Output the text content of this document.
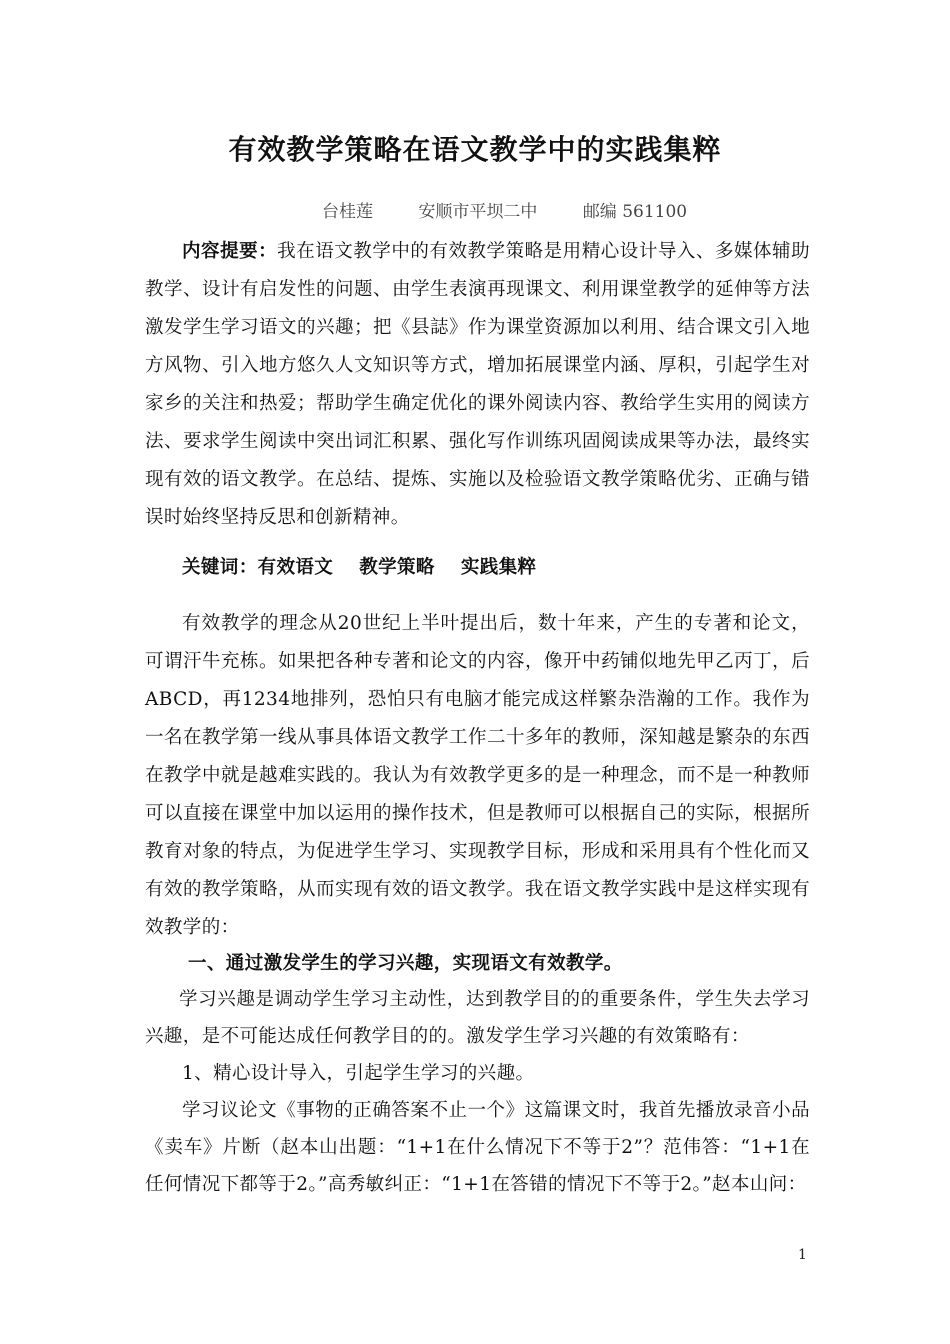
有效教学策略在语文教学中的实践集粹
台桂莲	安顺市平坝二中	邮编 561100
内容提要：我在语文教学中的有效教学策略是用精心设计导入、多媒体辅助教学、设计有启发性的问题、由学生表演再现课文、利用课堂教学的延伸等方法激发学生学习语文的兴趣；把《县誌》作为课堂资源加以利用、结合课文引入地方风物、引入地方悠久人文知识等方式，增加拓展课堂内涵、厚积，引起学生对家乡的关注和热爱；帮助学生确定优化的课外阅读内容、教给学生实用的阅读方法、要求学生阅读中突出词汇积累、强化写作训练巩固阅读成果等办法，最终实现有效的语文教学。在总结、提炼、实施以及检验语文教学策略优劣、正确与错误时始终坚持反思和创新精神。
关键词：有效语文 教学策略 实践集粹
有效教学的理念从20世纪上半叶提出后，数十年来，产生的专著和论文，可谓汗牛充栋。如果把各种专著和论文的内容，像开中药铺似地先甲乙丙丁，后ABCD，再1234地排列，恐怕只有电脑才能完成这样繁杂浩瀚的工作。我作为一名在教学第一线从事具体语文教学工作二十多年的教师，深知越是繁杂的东西在教学中就是越难实践的。我认为有效教学更多的是一种理念，而不是一种教师可以直接在课堂中加以运用的操作技术，但是教师可以根据自己的实际，根据所教育对象的特点，为促进学生学习、实现教学目标，形成和采用具有个性化而又有效的教学策略，从而实现有效的语文教学。我在语文教学实践中是这样实现有效教学的：
一、通过激发学生的学习兴趣，实现语文有效教学。
学习兴趣是调动学生学习主动性，达到教学目的的重要条件，学生失去学习兴趣，是不可能达成任何教学目的的。激发学生学习兴趣的有效策略有：
1、精心设计导入，引起学生学习的兴趣。
学习议论文《事物的正确答案不止一个》这篇课文时，我首先播放录音小品《卖车》片断（赵本山出题：“1+1在什么情况下不等于2”？范伟答：“1+1在任何情况下都等于2。”高秀敏纠正：“1+1在答错的情况下不等于2。”赵本山问：
1
